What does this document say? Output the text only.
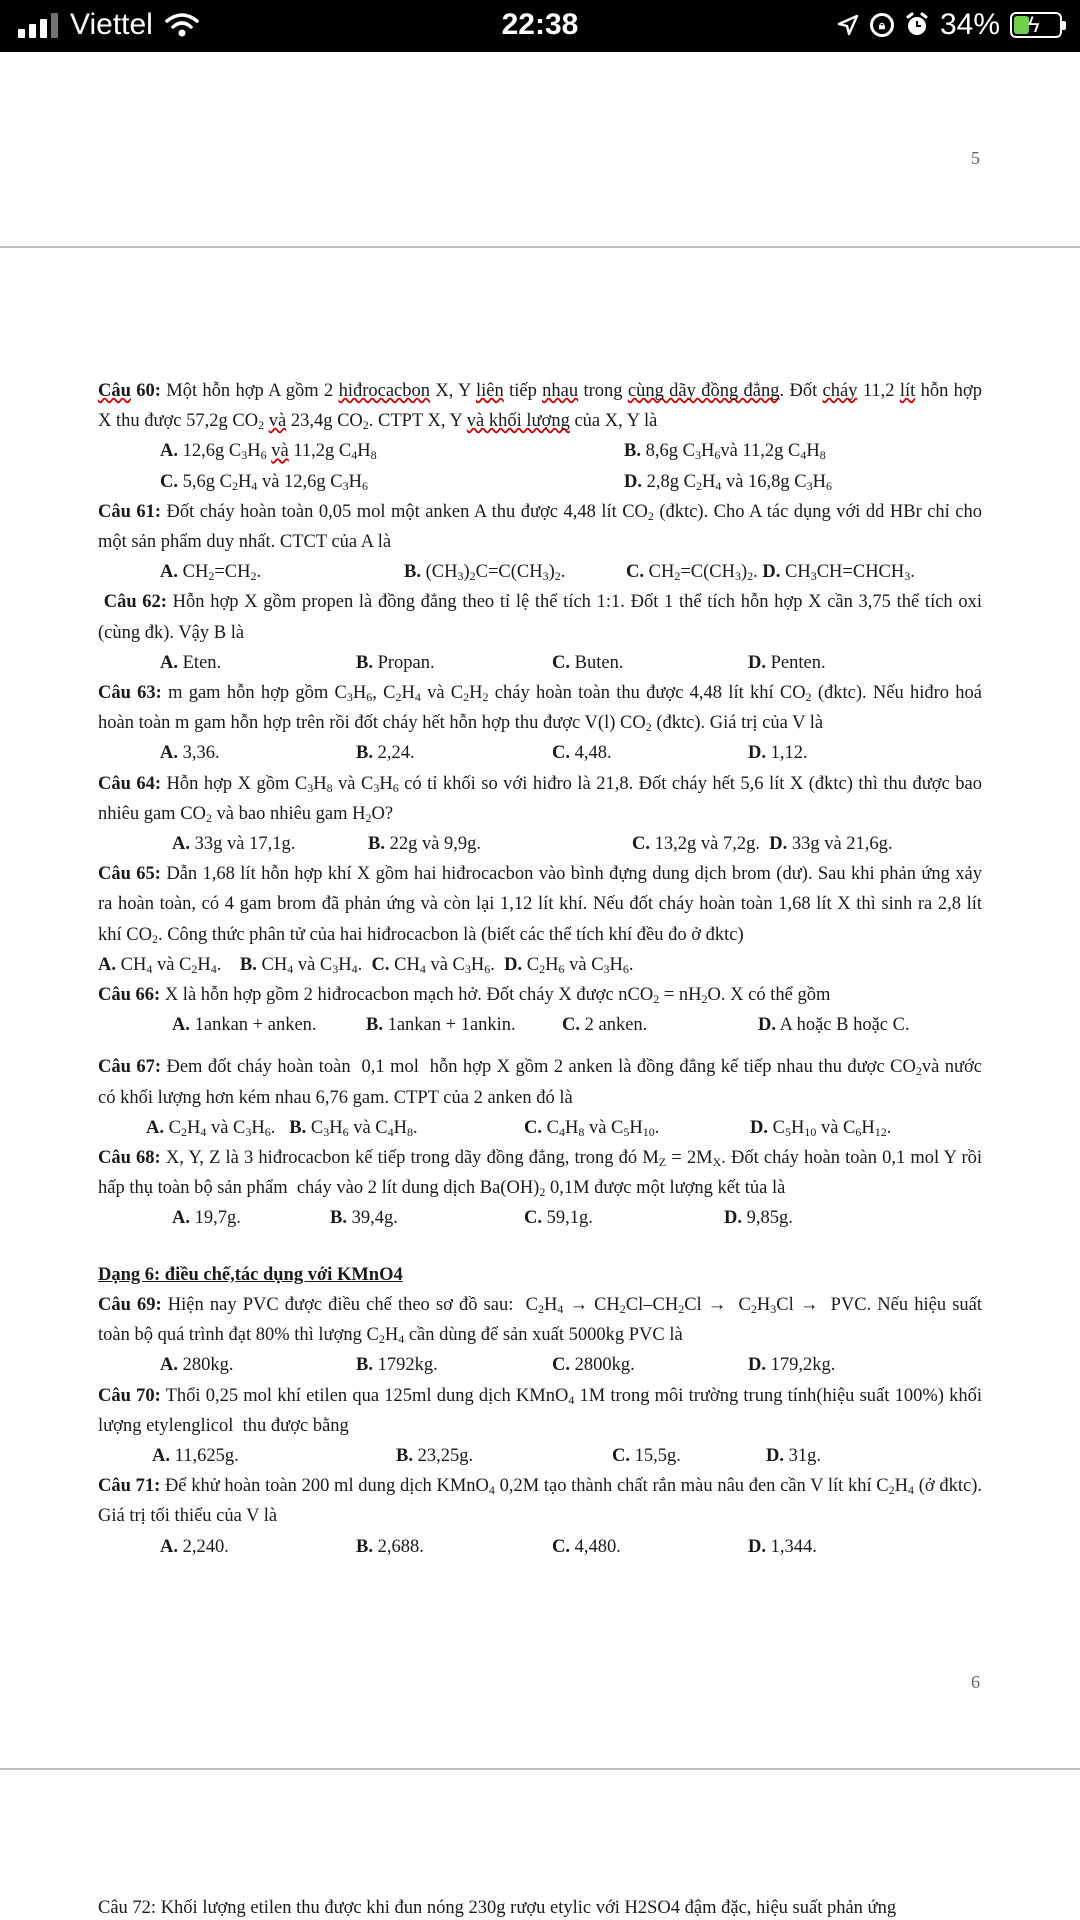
Viettel	22:38	🔒︎ 34% ϟ
5

Câu 60: Một hỗn hợp A gồm 2 hiđrocacbon X, Y liên tiếp nhau trong cùng dãy đồng đẳng. Đốt cháy 11,2 lít hỗn hợp X thu được 57,2g $CO_2$ và 23,4g $CO_2$. CTPT X, Y và khối lượng của X, Y là

A. 12,6g $C_3H_6$ và 11,2g $C_4H_8$	B. 8,6g $C_3H_6và$ 11,2g $C_4H_8$

C. 5,6g $C_2H_4$ và 12,6g $C_3H_6$	D. 2,8g $C_2H_4$ và 16,8g $C_3H_6$

Câu 61: Đốt cháy hoàn toàn 0,05 mol một anken A thu được 4,48 lít $CO_2$ (đktc). Cho A tác dụng với dd HBr chỉ cho một sản phẩm duy nhất. CTCT của A là

A. $CH_2=CH_2$.	B. $(CH_3)_2C=C(CH_3)_2$.	C. $CH_2=C(CH_3)_2$. D. $CH_3CH=CHCH_3$.

Câu 62: Hỗn hợp X gồm propen là đồng đẳng theo tỉ lệ thể tích 1:1. Đốt 1 thể tích hỗn hợp X cần 3,75 thể tích oxi (cùng đk). Vậy B là

A. Eten.	B. Propan.	C. Buten.	D. Penten.

Câu 63: m gam hỗn hợp gồm $C_3H_6$, $C_2H_4$ và $C_2H_2$ cháy hoàn toàn thu được 4,48 lít khí $CO_2$ (đktc). Nếu hiđro hoá hoàn toàn m gam hỗn hợp trên rồi đốt cháy hết hỗn hợp thu được V(l) $CO_2$ (đktc). Giá trị của V là

A. 3,36.	B. 2,24.	C. 4,48.	D. 1,12.

Câu 64: Hỗn hợp X gồm $C_3H_8$ và $C_3H_6$ có tỉ khối so với hiđro là 21,8. Đốt cháy hết 5,6 lít X (đktc) thì thu được bao nhiêu gam $CO_2$ và bao nhiêu gam $H_2O$?

A. 33g và 17,1g.	B. 22g và 9,9g.	C. 13,2g và 7,2g.  D. 33g và 21,6g.

Câu 65: Dẫn 1,68 lít hỗn hợp khí X gồm hai hiđrocacbon vào bình đựng dung dịch brom (dư). Sau khi phản ứng xảy ra hoàn toàn, có 4 gam brom đã phản ứng và còn lại 1,12 lít khí. Nếu đốt cháy hoàn toàn 1,68 lít X thì sinh ra 2,8 lít khí $CO_2$. Công thức phân tử của hai hiđrocacbon là (biết các thể tích khí đều đo ở đktc)

A. $CH_4$ và $C_2H_4$.    B. $CH_4$ và $C_3H_4$.  C. $CH_4$ và $C_3H_6$.  D. $C_2H_6$ và $C_3H_6$.

Câu 66: X là hỗn hợp gồm 2 hiđrocacbon mạch hở. Đốt cháy X được $nCO_2 = nH_2O$. X có thể gồm

A. 1ankan + anken.	B. 1ankan + 1ankin.	C. 2 anken.	D. A hoặc B hoặc C.

Câu 67: Đem đốt cháy hoàn toàn  0,1 mol  hỗn hợp X gồm 2 anken là đồng đẳng kế tiếp nhau thu được $CO_2và$ nước có khối lượng hơn kém nhau 6,76 gam. CTPT của 2 anken đó là

A. $C_2H_4$ và $C_3H_6$.   B. $C_3H_6$ và $C_4H_8$.	C. $C_4H_8$ và $C_5H_{10}$.	D. $C_5H_{10}$ và $C_6H_{12}$.

Câu 68: X, Y, Z là 3 hiđrocacbon kế tiếp trong dãy đồng đẳng, trong đó $M_Z = 2M_X$. Đốt cháy hoàn toàn 0,1 mol Y rồi hấp thụ toàn bộ sản phẩm  cháy vào 2 lít dung dịch $Ba(OH)_2$ 0,1M được một lượng kết tủa là

A. 19,7g.	B. 39,4g.	C. 59,1g.	D. 9,85g.

Dạng 6: điều chế,tác dụng với KMnO4

Câu 69: Hiện nay PVC được điều chế theo sơ đồ sau:  $C_2H_4 \to CH_2Cl-CH_2Cl \to C_2H_3Cl$ →  PVC. Nếu hiệu suất toàn bộ quá trình đạt 80% thì lượng $C_2H_4$ cần dùng để sản xuất 5000kg PVC là

A. 280kg.	B. 1792kg.	C. 2800kg.	D. 179,2kg.

Câu 70: Thổi 0,25 mol khí etilen qua 125ml dung dịch KMnO$_4$ 1M trong môi trường trung tính(hiệu suất 100%) khối lượng etylenglicol  thu được bằng

A. 11,625g.	B. 23,25g.	C. 15,5g.	D. 31g.

Câu 71: Để khử hoàn toàn 200 ml dung dịch KMnO$_4$ 0,2M tạo thành chất rắn màu nâu đen cần V lít khí $C_2H_4$ (ở đktc). Giá trị tối thiểu của V là

A. 2,240.	B. 2,688.	C. 4,480.	D. 1,344.

6
Câu 72: Khối lượng etilen thu được khi đun nóng 230g rượu etylic với H2SO4 đậm đặc, hiệu suất phản ứng
